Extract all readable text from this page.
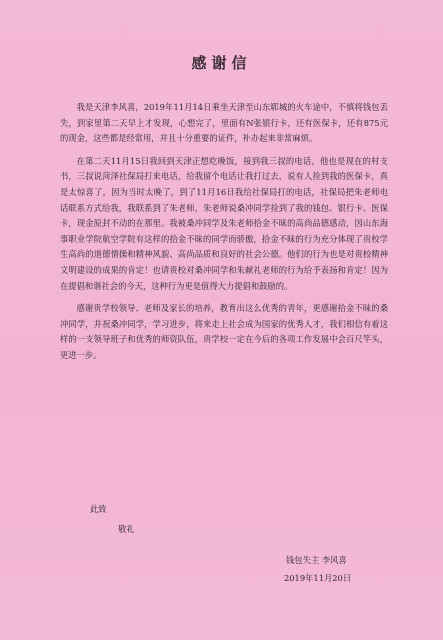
感谢信

我是天津李风喜，2019年11月14日乘坐天津至山东郓城的火车途中，不慎将钱包丢失，到家里第二天早上才发现，心想完了，里面有N张银行卡，还有医保卡，还有875元的现金，这些都是经常用，并且十分重要的证件，补办起来非常麻烦。

在第二天11月15日我回到天津正想吃晚饭，接到我三叔的电话，他也是现在的村支书，三叔说菏泽社保局打来电话，给我留个电话让我打过去，说有人捡到我的医保卡，真是太惊喜了，因为当时太晚了，到了11月16日我给社保局打的电话，社保局把朱老师电话联系方式给我，我联系到了朱老师，朱老师说桑冲同学捡到了我的钱包、银行卡、医保卡，现金原封不动的在那里。我被桑冲同学及朱老师拾金不昧的高尚品德感动，因山东海事职业学院航空学院有这样的拾金不昧的同学而骄傲，拾金不昧的行为充分体现了贵校学生高尚的道德情操和精神风貌、高尚品质和良好的社会公德。他们的行为也是对贵校精神文明建设的成果的肯定！也请贵校对桑冲同学和朱献礼老师的行为给予表扬和肯定！因为在提倡和谐社会的今天，这种行为更是值得大力提倡和鼓励的。

感谢贵学校领导、老师及家长的培养，教育出这么优秀的青年，更感谢拾金不昧的桑冲同学，并祝桑冲同学，学习进步，将来走上社会成为国家的优秀人才，我们相信有着这样的一支领导班子和优秀的师资队伍，贵学校一定在今后的各项工作发展中会百尺竿头，更进一步。

此致
敬礼
钱包失主 李风喜
2019年11月20日
